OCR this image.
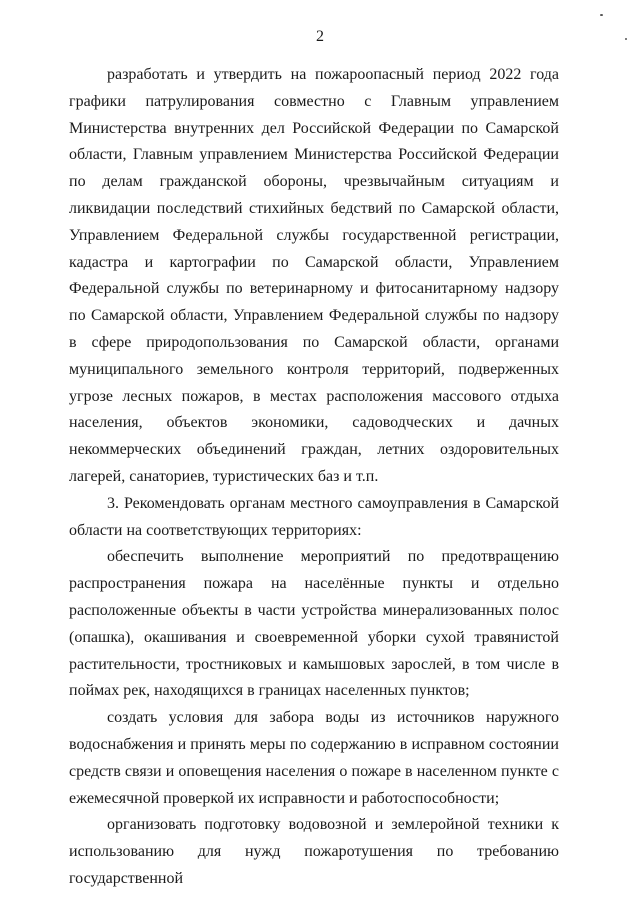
2

разработать и утвердить на пожароопасный период 2022 года графики патрулирования совместно с Главным управлением Министерства внутренних дел Российской Федерации по Самарской области, Главным управлением Министерства Российской Федерации по делам гражданской обороны, чрезвычайным ситуациям и ликвидации последствий стихийных бедствий по Самарской области, Управлением Федеральной службы государственной регистрации, кадастра и картографии по Самарской области, Управлением Федеральной службы по ветеринарному и фитосанитарному надзору по Самарской области, Управлением Федеральной службы по надзору в сфере природопользования по Самарской области, органами муниципального земельного контроля территорий, подверженных угрозе лесных пожаров, в местах расположения массового отдыха населения, объектов экономики, садоводческих и дачных некоммерческих объединений граждан, летних оздоровительных лагерей, санаториев, туристических баз и т.п.

3. Рекомендовать органам местного самоуправления в Самарской области на соответствующих территориях:

обеспечить выполнение мероприятий по предотвращению распространения пожара на населённые пункты и отдельно расположенные объекты в части устройства минерализованных полос (опашка), окашивания и своевременной уборки сухой травянистой растительности, тростниковых и камышовых зарослей, в том числе в поймах рек, находящихся в границах населенных пунктов;

создать условия для забора воды из источников наружного водоснабжения и принять меры по содержанию в исправном состоянии средств связи и оповещения населения о пожаре в населенном пункте с ежемесячной проверкой их исправности и работоспособности;

организовать подготовку водовозной и землеройной техники к использованию для нужд пожаротушения по требованию государственной
